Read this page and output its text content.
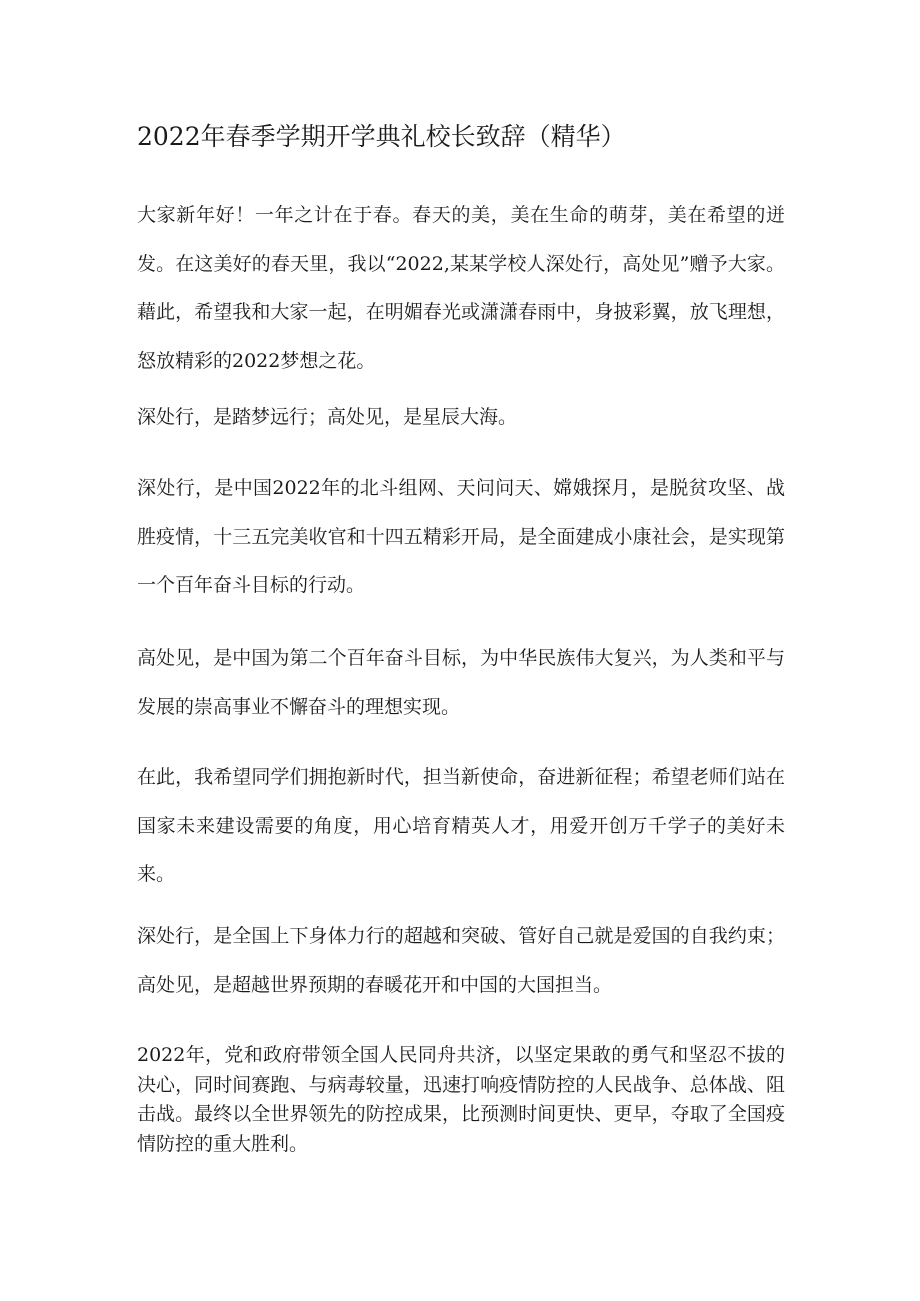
2022年春季学期开学典礼校长致辞（精华）

大家新年好！一年之计在于春。春天的美，美在生命的萌芽，美在希望的迸发。在这美好的春天里，我以“2022,某某学校人深处行，高处见”赠予大家。藉此，希望我和大家一起，在明媚春光或潇潇春雨中，身披彩翼，放飞理想，怒放精彩的2022梦想之花。

深处行，是踏梦远行；高处见，是星辰大海。

深处行，是中国2022年的北斗组网、天问问天、嫦娥探月，是脱贫攻坚、战胜疫情，十三五完美收官和十四五精彩开局，是全面建成小康社会，是实现第一个百年奋斗目标的行动。

高处见，是中国为第二个百年奋斗目标，为中华民族伟大复兴，为人类和平与发展的崇高事业不懈奋斗的理想实现。

在此，我希望同学们拥抱新时代，担当新使命，奋进新征程；希望老师们站在国家未来建设需要的角度，用心培育精英人才，用爱开创万千学子的美好未来。

深处行，是全国上下身体力行的超越和突破、管好自己就是爱国的自我约束；高处见，是超越世界预期的春暖花开和中国的大国担当。

2022年，党和政府带领全国人民同舟共济，以坚定果敢的勇气和坚忍不拔的决心，同时间赛跑、与病毒较量，迅速打响疫情防控的人民战争、总体战、阻击战。最终以全世界领先的防控成果，比预测时间更快、更早，夺取了全国疫情防控的重大胜利。
